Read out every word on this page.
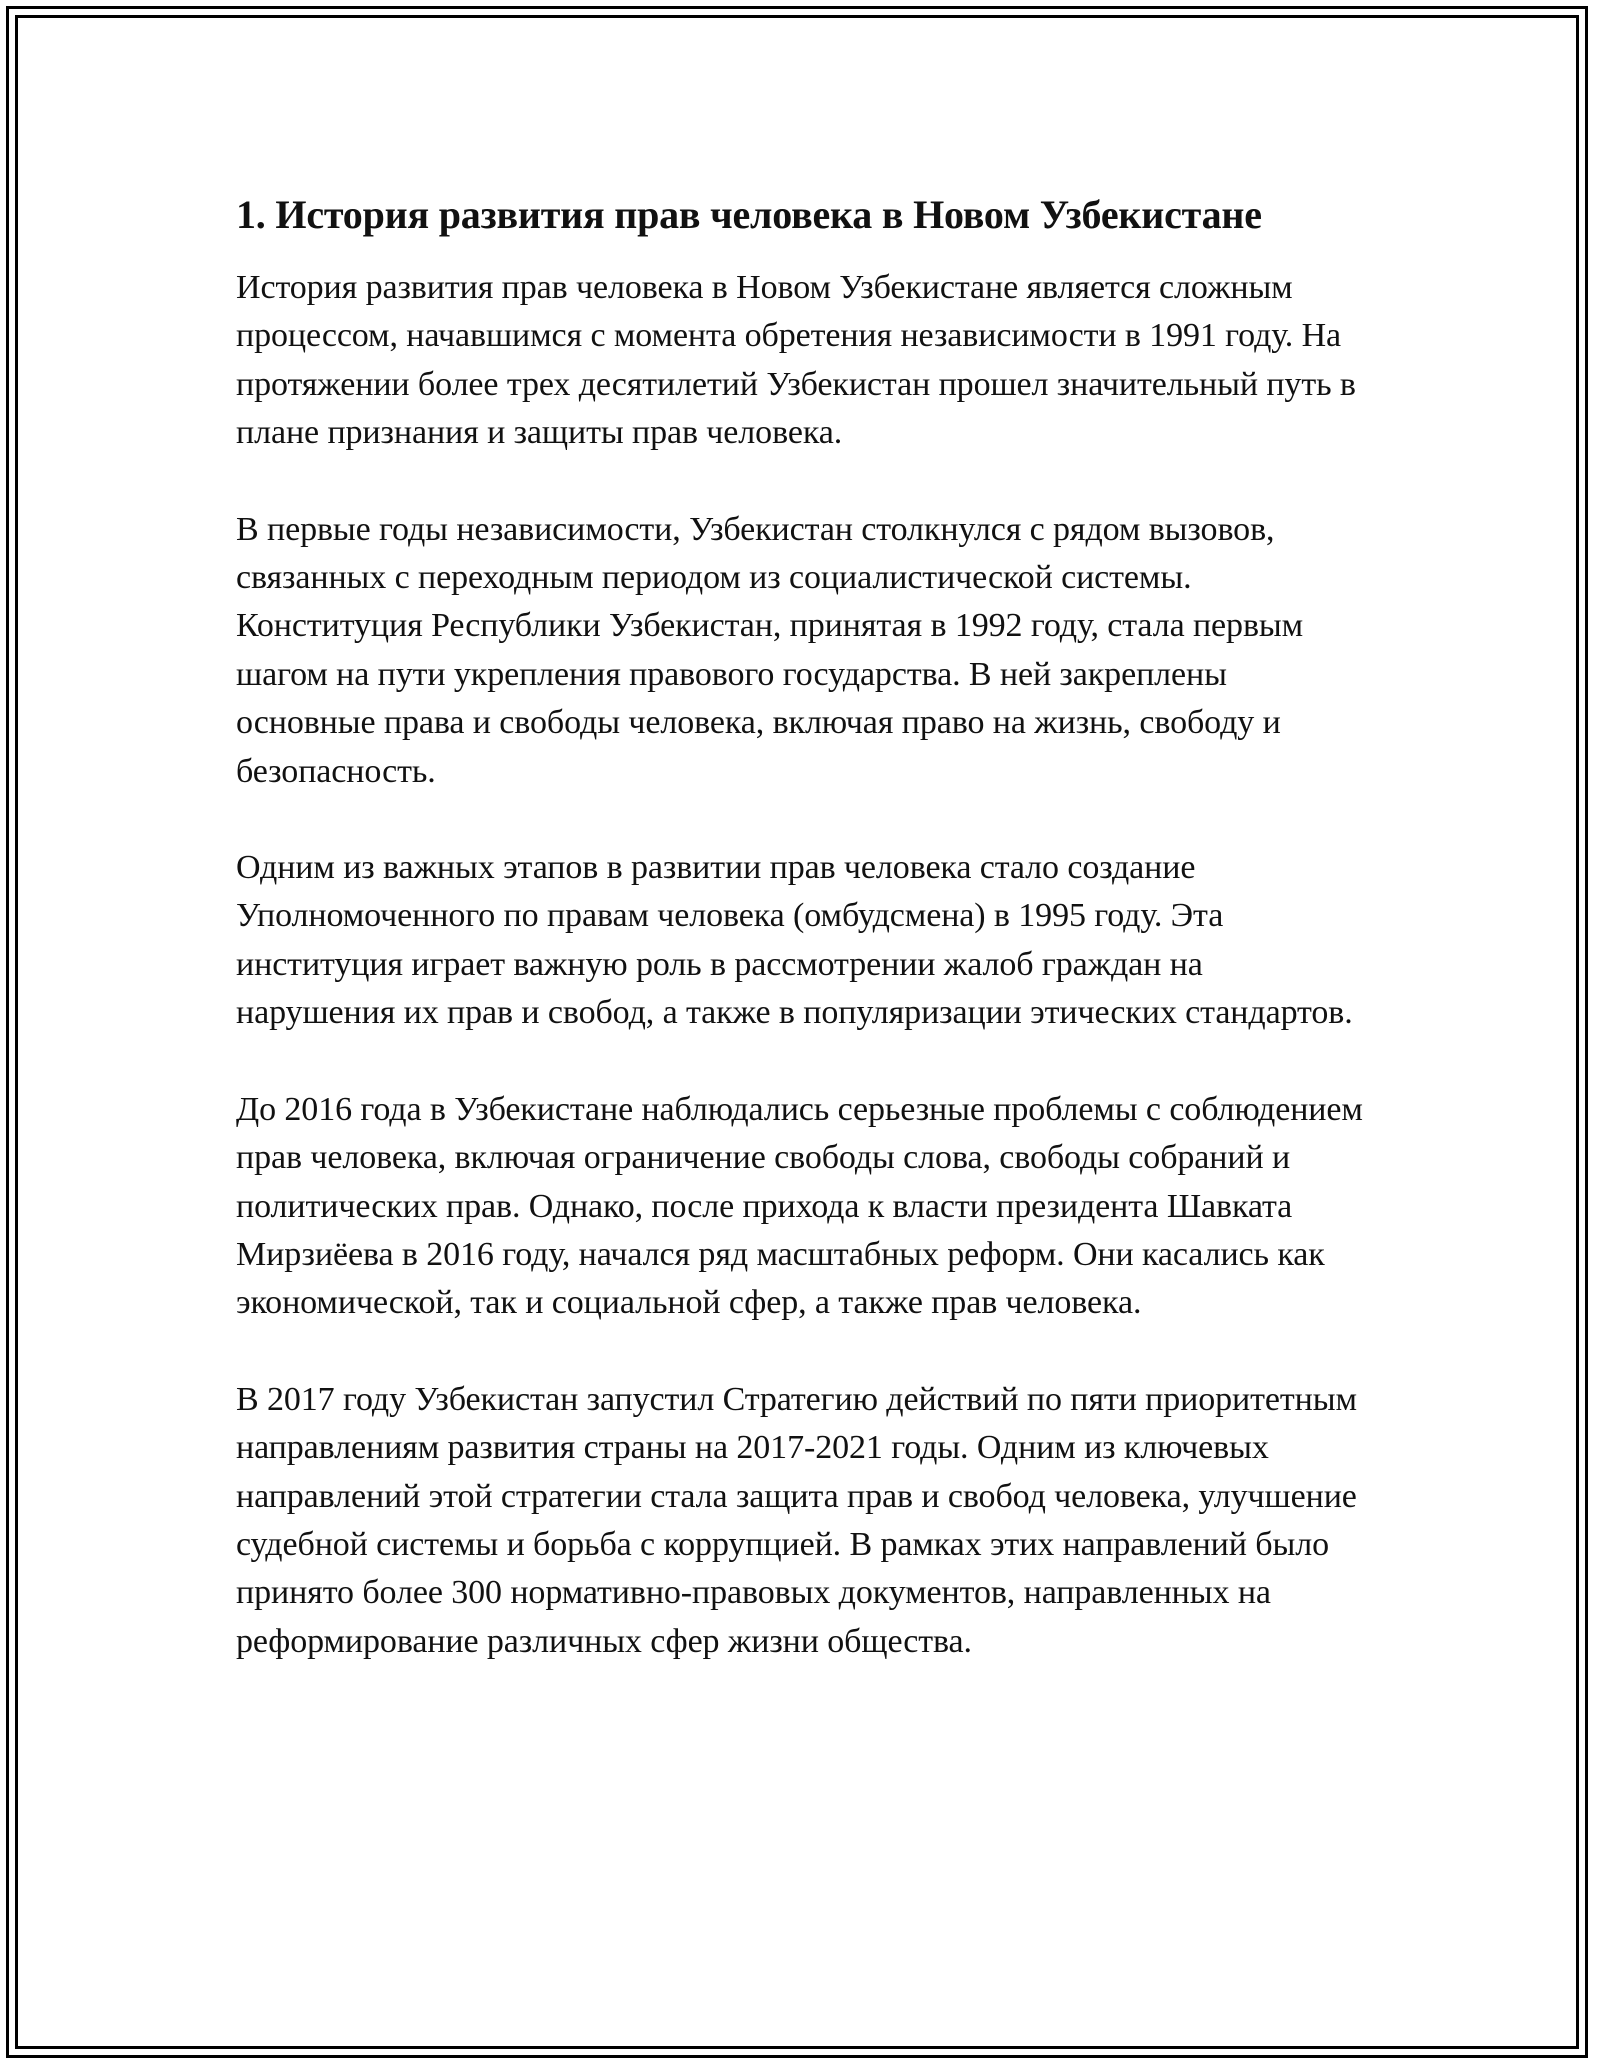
1. История развития прав человека в Новом Узбекистане

История развития прав человека в Новом Узбекистане является сложным процессом, начавшимся с момента обретения независимости в 1991 году. На протяжении более трех десятилетий Узбекистан прошел значительный путь в плане признания и защиты прав человека.

В первые годы независимости, Узбекистан столкнулся с рядом вызовов, связанных с переходным периодом из социалистической системы. Конституция Республики Узбекистан, принятая в 1992 году, стала первым шагом на пути укрепления правового государства. В ней закреплены основные права и свободы человека, включая право на жизнь, свободу и безопасность.

Одним из важных этапов в развитии прав человека стало создание Уполномоченного по правам человека (омбудсмена) в 1995 году. Эта институция играет важную роль в рассмотрении жалоб граждан на нарушения их прав и свобод, а также в популяризации этических стандартов.

До 2016 года в Узбекистане наблюдались серьезные проблемы с соблюдением прав человека, включая ограничение свободы слова, свободы собраний и политических прав. Однако, после прихода к власти президента Шавката Мирзиёева в 2016 году, начался ряд масштабных реформ. Они касались как экономической, так и социальной сфер, а также прав человека.

В 2017 году Узбекистан запустил Стратегию действий по пяти приоритетным направлениям развития страны на 2017-2021 годы. Одним из ключевых направлений этой стратегии стала защита прав и свобод человека, улучшение судебной системы и борьба с коррупцией. В рамках этих направлений было принято более 300 нормативно-правовых документов, направленных на реформирование различных сфер жизни общества.
